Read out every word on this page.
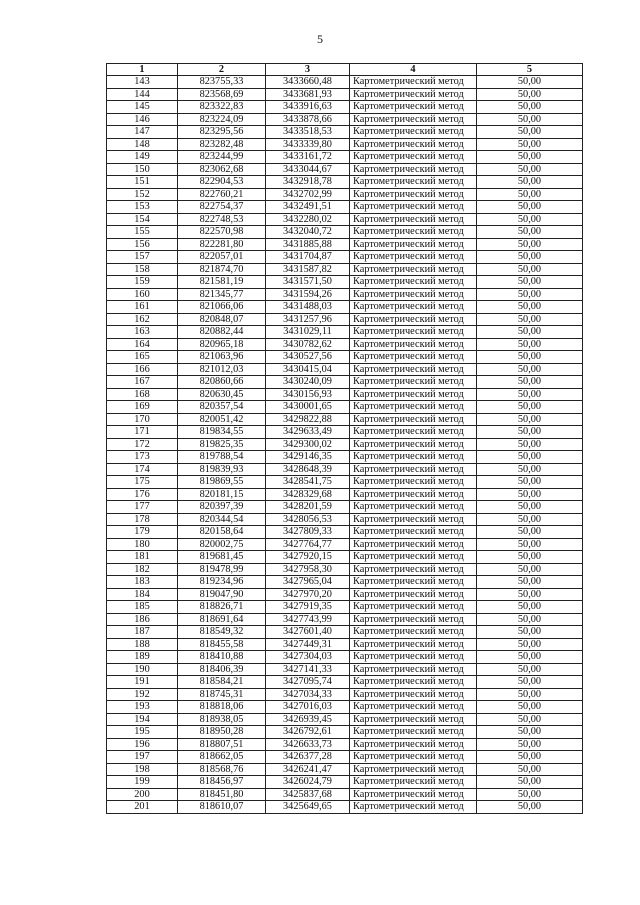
5
1	2	3	4	5
143	823755,33	3433660,48	Картометрический метод	50,00
144	823568,69	3433681,93	Картометрический метод	50,00
145	823322,83	3433916,63	Картометрический метод	50,00
146	823224,09	3433878,66	Картометрический метод	50,00
147	823295,56	3433518,53	Картометрический метод	50,00
148	823282,48	3433339,80	Картометрический метод	50,00
149	823244,99	3433161,72	Картометрический метод	50,00
150	823062,68	3433044,67	Картометрический метод	50,00
151	822904,53	3432918,78	Картометрический метод	50,00
152	822760,21	3432702,99	Картометрический метод	50,00
153	822754,37	3432491,51	Картометрический метод	50,00
154	822748,53	3432280,02	Картометрический метод	50,00
155	822570,98	3432040,72	Картометрический метод	50,00
156	822281,80	3431885,88	Картометрический метод	50,00
157	822057,01	3431704,87	Картометрический метод	50,00
158	821874,70	3431587,82	Картометрический метод	50,00
159	821581,19	3431571,50	Картометрический метод	50,00
160	821345,77	3431594,26	Картометрический метод	50,00
161	821066,06	3431488,03	Картометрический метод	50,00
162	820848,07	3431257,96	Картометрический метод	50,00
163	820882,44	3431029,11	Картометрический метод	50,00
164	820965,18	3430782,62	Картометрический метод	50,00
165	821063,96	3430527,56	Картометрический метод	50,00
166	821012,03	3430415,04	Картометрический метод	50,00
167	820860,66	3430240,09	Картометрический метод	50,00
168	820630,45	3430156,93	Картометрический метод	50,00
169	820357,54	3430001,65	Картометрический метод	50,00
170	820051,42	3429822,88	Картометрический метод	50,00
171	819834,55	3429633,49	Картометрический метод	50,00
172	819825,35	3429300,02	Картометрический метод	50,00
173	819788,54	3429146,35	Картометрический метод	50,00
174	819839,93	3428648,39	Картометрический метод	50,00
175	819869,55	3428541,75	Картометрический метод	50,00
176	820181,15	3428329,68	Картометрический метод	50,00
177	820397,39	3428201,59	Картометрический метод	50,00
178	820344,54	3428056,53	Картометрический метод	50,00
179	820158,64	3427809,33	Картометрический метод	50,00
180	820002,75	3427764,77	Картометрический метод	50,00
181	819681,45	3427920,15	Картометрический метод	50,00
182	819478,99	3427958,30	Картометрический метод	50,00
183	819234,96	3427965,04	Картометрический метод	50,00
184	819047,90	3427970,20	Картометрический метод	50,00
185	818826,71	3427919,35	Картометрический метод	50,00
186	818691,64	3427743,99	Картометрический метод	50,00
187	818549,32	3427601,40	Картометрический метод	50,00
188	818455,58	3427449,31	Картометрический метод	50,00
189	818410,88	3427304,03	Картометрический метод	50,00
190	818406,39	3427141,33	Картометрический метод	50,00
191	818584,21	3427095,74	Картометрический метод	50,00
192	818745,31	3427034,33	Картометрический метод	50,00
193	818818,06	3427016,03	Картометрический метод	50,00
194	818938,05	3426939,45	Картометрический метод	50,00
195	818950,28	3426792,61	Картометрический метод	50,00
196	818807,51	3426633,73	Картометрический метод	50,00
197	818662,05	3426377,28	Картометрический метод	50,00
198	818568,76	3426241,47	Картометрический метод	50,00
199	818456,97	3426024,79	Картометрический метод	50,00
200	818451,80	3425837,68	Картометрический метод	50,00
201	818610,07	3425649,65	Картометрический метод	50,00
